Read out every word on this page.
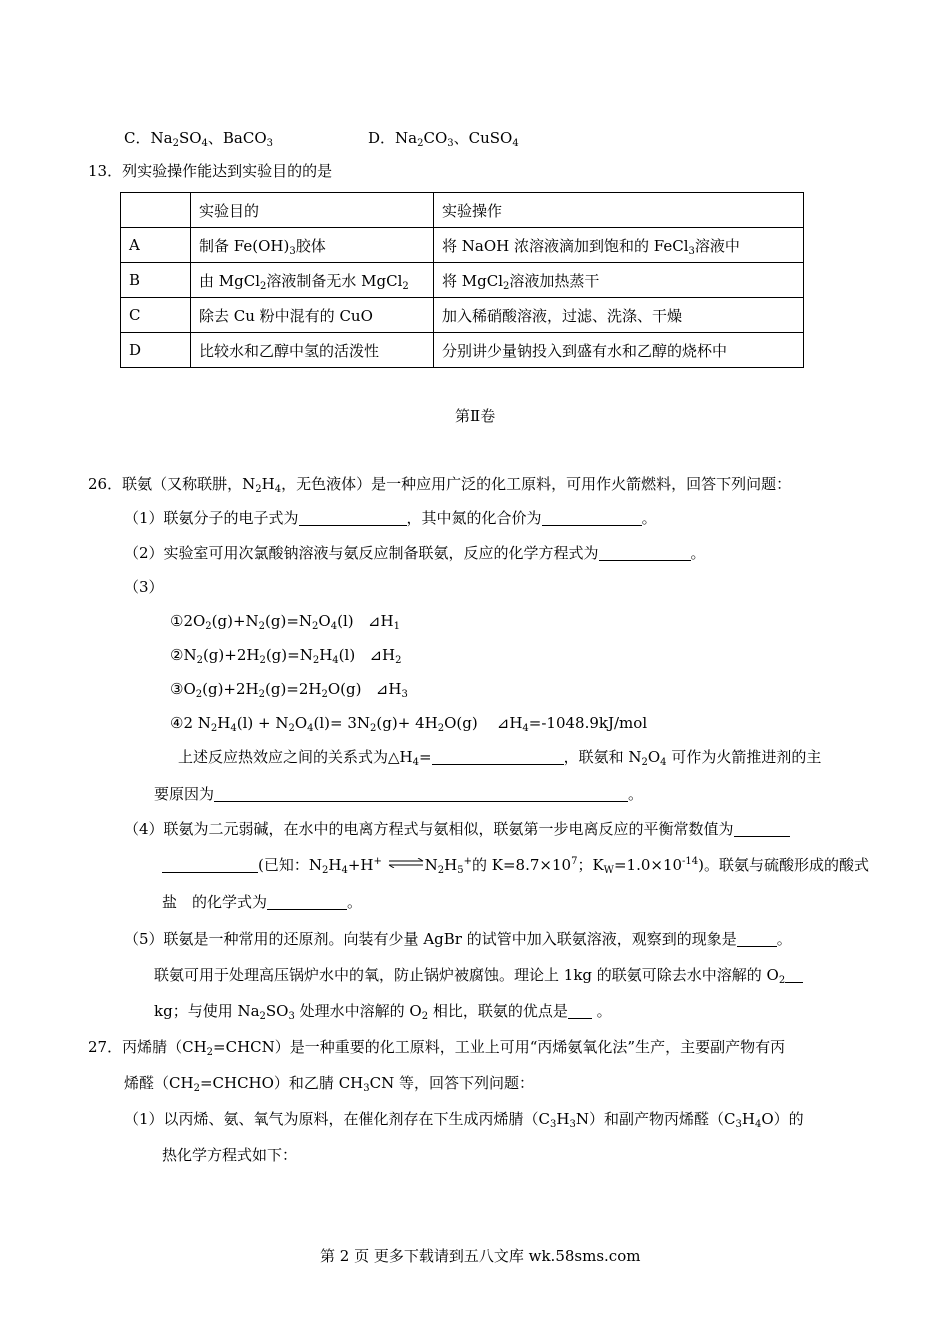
C．$Na_2SO_4$、BaCO$_3$	D．$Na_2CO_3$、CuSO$_4$
13．列实验操作能达到实验目的的是
	实验目的	实验操作
A	制备 $Fe(OH)_3$胶体	将 NaOH 浓溶液滴加到饱和的 FeCl$_3$溶液中
B	由 MgCl$_2$溶液制备无水 MgCl$_2$	将 MgCl$_2$溶液加热蒸干
C	除去 Cu 粉中混有的 CuO	加入稀硝酸溶液，过滤、洗涤、干燥
D	比较水和乙醇中氢的活泼性	分别讲少量钠投入到盛有水和乙醇的烧杯中
第Ⅱ卷
26．联氨（又称联肼，$N_2H_4$，无色液体）是一种应用广泛的化工原料，可用作火箭燃料，回答下列问题：
（1）联氨分子的电子式为	，其中氮的化合价为	。
（2）实验室可用次氯酸钠溶液与氨反应制备联氨，反应的化学方程式为	。
（3）
$①2O_2(g)+N_2(g)=N_2O_4(l)$   $⊿H_1$
$②N_2(g)+2H_2(g)=N_2H_4(l)$   $⊿H_2$
$③O_2(g)+2H_2(g)=2H_2O(g)$   $⊿H_3$
④2 $N_2H_4(l) + N_2O_4(l)= 3N_2(g)+ 4H_2O(g)$    $⊿H_4=-1048.9kJ$/mol
上述反应热效应之间的关系式为$\triangle H_4=$	，联氨和 $N_2O_4$ 可作为火箭推进剂的主
要原因为	。
（4）联氨为二元弱碱，在水中的电离方程式与氨相似，联氨第一步电离反应的平衡常数值为
(已知：$N_2H_4+H^+$ $\rightleftharpoons N_2H_5^+$的 $K=8.7\times 10^7$；$K_W=1.0\times 10^{-14}$)。联氨与硫酸形成的酸式
盐　的化学式为	。
（5）联氨是一种常用的还原剂。向装有少量 AgBr 的试管中加入联氨溶液，观察到的现象是	。
联氨可用于处理高压锅炉水中的氧，防止锅炉被腐蚀。理论上 1kg 的联氨可除去水中溶解的 $O_2$
kg；与使用 $Na_2SO_3$ 处理水中溶解的 $O_2$ 相比，联氨的优点是 。
27．丙烯腈$(CH_2=CHCN)$是一种重要的化工原料，工业上可用“丙烯氨氧化法”生产，主要副产物有丙
烯醛$(CH_2=CHCHO)$和乙腈 $CH_3CN$ 等，回答下列问题：
（1）以丙烯、氨、氧气为原料，在催化剂存在下生成丙烯腈$(C_3H_3N)$和副产物丙烯醛$(C_3H_4O)$的
热化学方程式如下：
第 2 页 更多下载请到五八文库 wk.58sms.com
